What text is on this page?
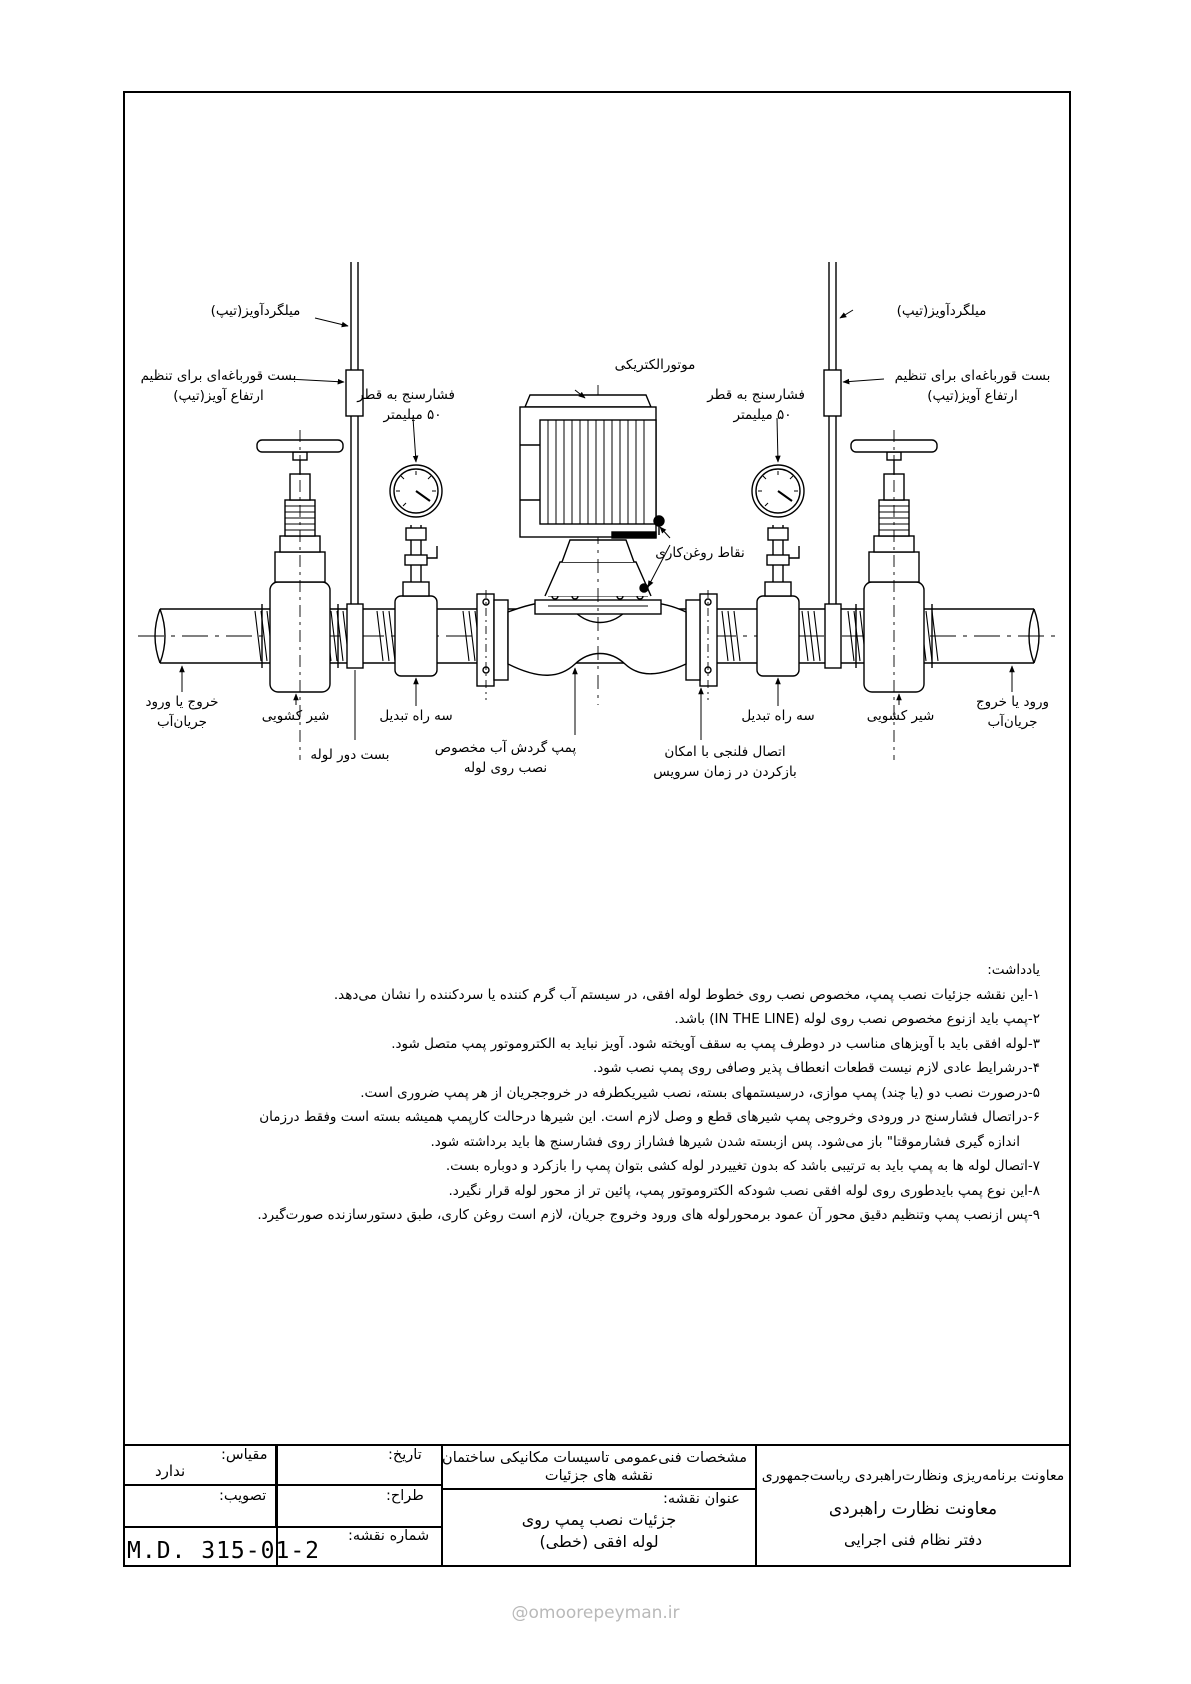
میلگردآویز(تیپ)	میلگردآویز(تیپ)
بست قورباغه‌ای برای تنظیم
ارتفاع آویز(تیپ)
بست قورباغه‌ای برای تنظیم
ارتفاع آویز(تیپ)
فشارسنج به قطر
۵۰ میلیمتر
فشارسنج به قطر
۵۰ میلیمتر
موتورالکتریکی
نقاط روغن‌کاری
خروج یا ورود
جریان‌آب
ورود یا خروج
جریان‌آب
شیر کشویی	شیر کشویی
سه راه تبدیل	سه راه تبدیل
بست دور لوله	پمپ گردش آب مخصوص
نصب روی لوله
اتصال فلنجی با امکان
بازکردن در زمان سرویس
یادداشت:
۱-این نقشه جزئیات نصب پمپ، مخصوص نصب روی خطوط لوله افقی، در سیستم آب گرم کننده یا سردکننده را نشان می‌دهد.
۲-پمپ باید ازنوع مخصوص نصب روی لوله (IN THE LINE) باشد.
۳-لوله افقی باید با آویزهای مناسب در دوطرف پمپ به سقف آویخته شود. آویز نباید به الکتروموتور پمپ متصل شود.
۴-درشرایط عادی لازم نیست قطعات انعطاف پذیر وصافی روی پمپ نصب شود.
۵-درصورت نصب دو (یا چند) پمپ موازی، درسیستمهای بسته، نصب شیریکطرفه در خروججریان از هر پمپ ضروری است.
۶-دراتصال فشارسنج در ورودی وخروجی پمپ شیرهای قطع و وصل لازم است. این شیرها درحالت کارپمپ همیشه بسته است وفقط درزمان
اندازه گیری فشارموقتا" باز می‌شود. پس ازبسته شدن شیرها فشاراز روی فشارسنج ها باید برداشته شود.
۷-اتصال لوله ها به پمپ باید به ترتیبی باشد که بدون تغییردر لوله کشی بتوان پمپ را بازکرد و دوباره بست.
۸-این نوع پمپ بایدطوری روی لوله افقی نصب شودکه الکتروموتور پمپ، پائین تر از محور لوله قرار نگیرد.
۹-پس ازنصب پمپ وتنظیم دقیق محور آن عمود برمحورلوله های ورود وخروج جریان، لازم است روغن کاری، طبق دستورسازنده صورت‌گیرد.
مقیاس:
ندارد
تاریخ:
تصویب:	طراح:
شماره نقشه:
M.D. 315-01-2
مشخصات فنی‌عمومی تاسیسات مکانیکی ساختمان
نقشه های جزئیات
عنوان نقشه:
جزئیات نصب پمپ روی
لوله افقی (خطی)
معاونت برنامه‌ریزی ونظارت‌راهبردی ریاست‌جمهوری
معاونت نظارت راهبردی
دفتر نظام فنی اجرایی
@omoorepeyman.ir
